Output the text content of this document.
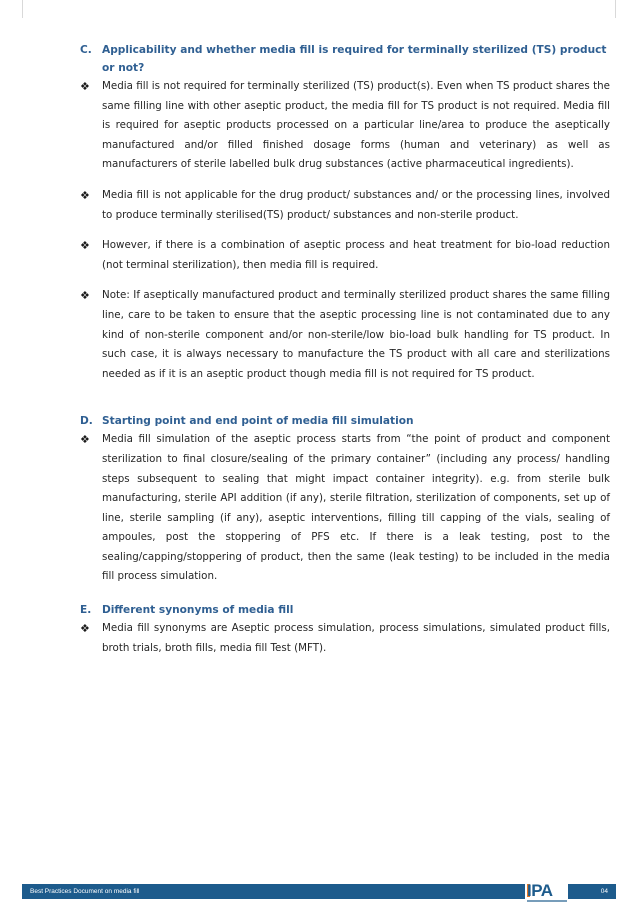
C. Applicability and whether media fill is required for terminally sterilized (TS) product or not?
❖	Media fill is not required for terminally sterilized (TS) product(s). Even when TS product shares the same filling line with other aseptic product, the media fill for TS product is not required. Media fill is required for aseptic products processed on a particular line/area to produce the aseptically manufactured and/or filled finished dosage forms (human and veterinary) as well as manufacturers of sterile labelled bulk drug substances (active pharmaceutical ingredients).
❖	Media fill is not applicable for the drug product/ substances and/ or the processing lines, involved to produce terminally sterilised(TS) product/ substances and non-sterile product.
❖	However, if there is a combination of aseptic process and heat treatment for bio-load reduction (not terminal sterilization), then media fill is required.
❖	Note: If aseptically manufactured product and terminally sterilized product shares the same filling line, care to be taken to ensure that the aseptic processing line is not contaminated due to any kind of non-sterile component and/or non-sterile/low bio-load bulk handling for TS product. In such case, it is always necessary to manufacture the TS product with all care and sterilizations needed as if it is an aseptic product though media fill is not required for TS product.
D. Starting point and end point of media fill simulation
❖	Media fill simulation of the aseptic process starts from “the point of product and component sterilization to final closure/sealing of the primary container” (including any process/ handling steps subsequent to sealing that might impact container integrity). e.g. from sterile bulk manufacturing, sterile API addition (if any), sterile filtration, sterilization of components, set up of line, sterile sampling (if any), aseptic interventions, filling till capping of the vials, sealing of ampoules, post the stoppering of PFS etc. If there is a leak testing, post to the sealing/capping/stoppering of product, then the same (leak testing) to be included in the media fill process simulation.
E.	Different synonyms of media fill
❖	Media fill synonyms are Aseptic process simulation, process simulations, simulated product fills, broth trials, broth fills, media fill Test (MFT).
Best Practices Document on media fill	04
IPA
